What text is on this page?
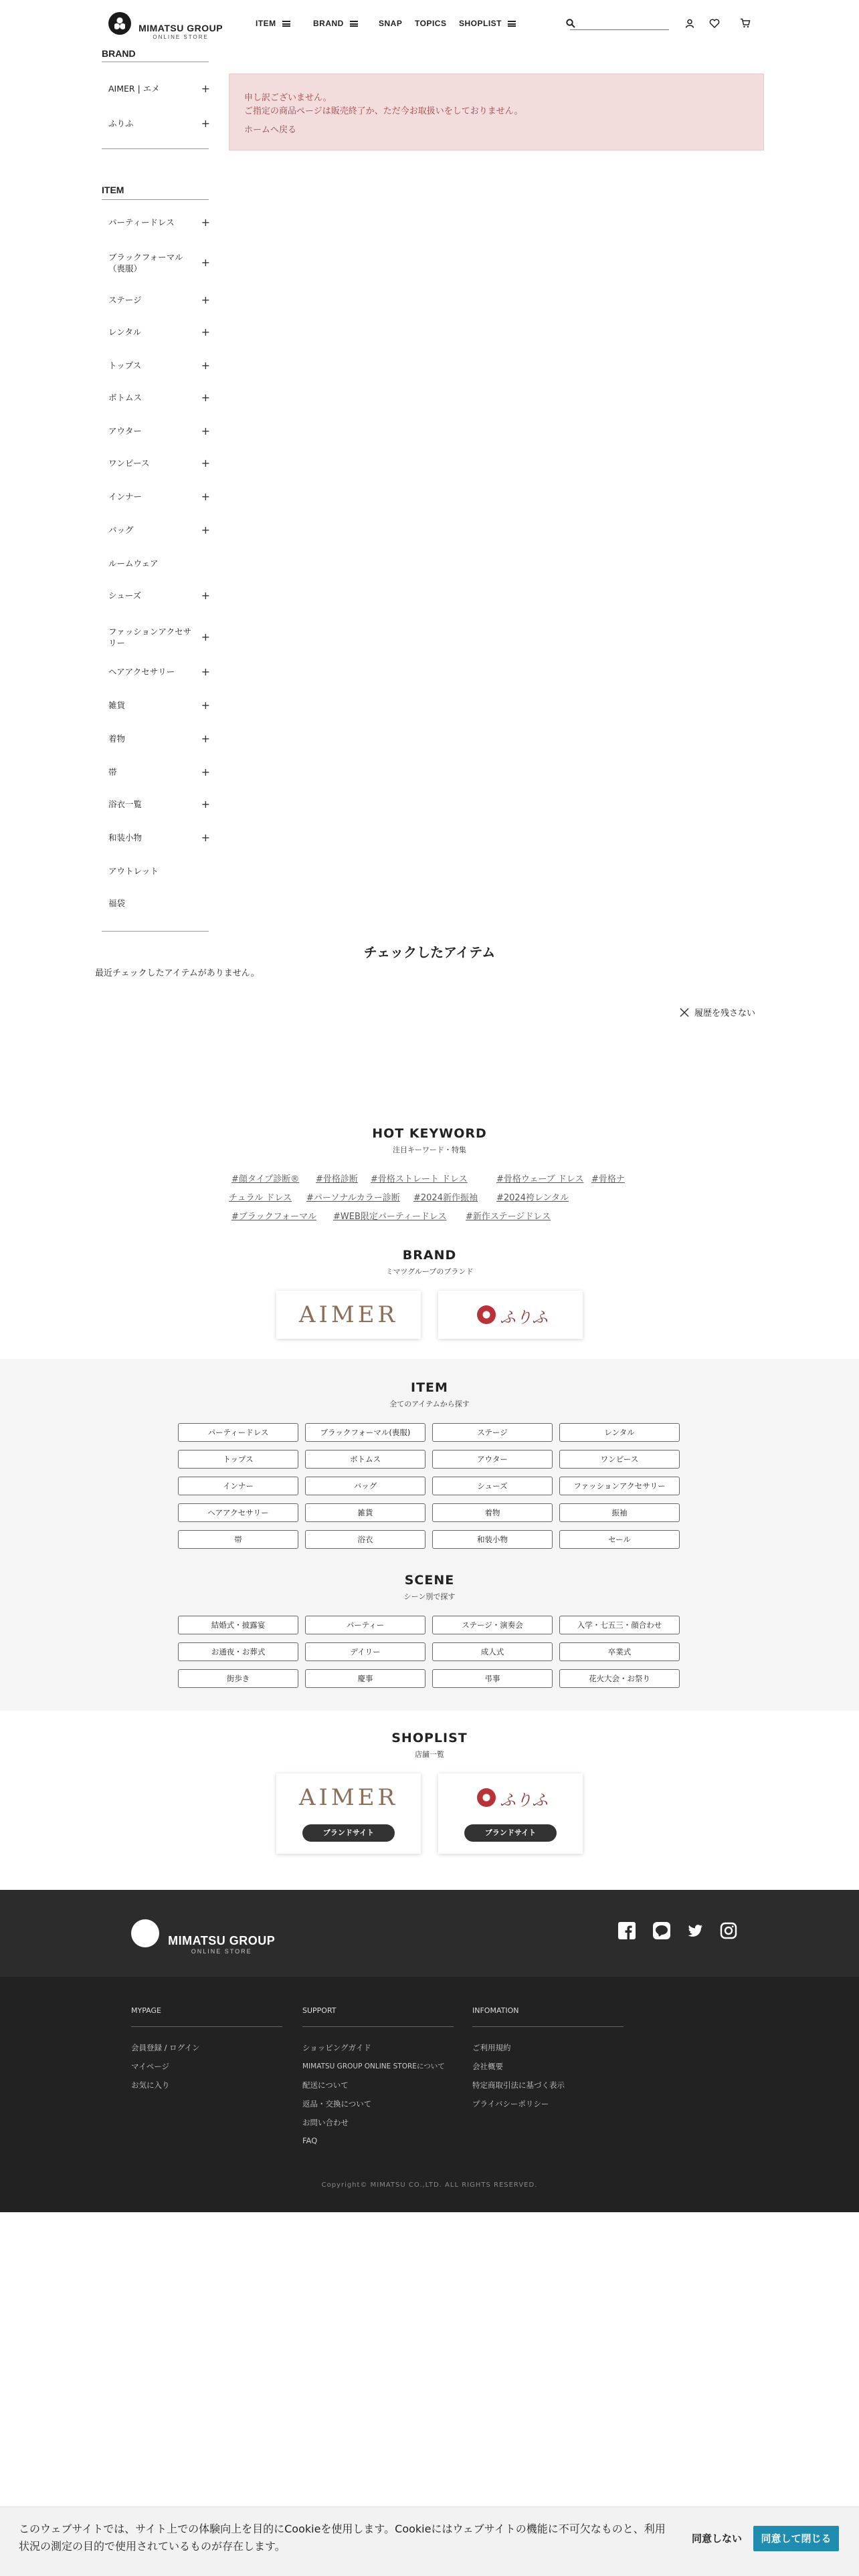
MIMATSU GROUP
ONLINE STORE
ITEM	BRAND	SNAP TOPICS SHOPLIST
BRAND
AIMER | エメ	+
ふりふ	+
ITEM
パーティードレス +
ブラックフォーマル（喪服）	+
ステージ	+
レンタル	+
トップス	+
ボトムス	+
アウター	+
ワンピース	+
インナー	+
バッグ	+
ルームウェア
シューズ	+
ファッションアクセサリー	+
ヘアアクセサリー +
雑貨	+
着物	+
帯	+
浴衣一覧	+
和装小物	+
アウトレット
福袋

申し訳ございません。

ご指定の商品ページは販売終了か、ただ今お取扱いをしておりません。

ホームへ戻る

チェックしたアイテム
最近チェックしたアイテムがありません。
履歴を残さない
HOT KEYWORD
注目キーワード・特集
#顔タイプ診断® #骨格診断 #骨格ストレート ドレス	#骨格ウェーブ ドレス #骨格ナ
チュラル ドレス #パーソナルカラー診断 #2024新作振袖 #2024袴レンタル
#ブラックフォーマル #WEB限定パーティードレス #新作ステージドレス
BRAND
ミマツグループのブランド
AIMER	ふりふ
ITEM
全てのアイテムから探す
パーティードレス	ブラックフォーマル(喪服)	ステージ	レンタル
トップス	ボトムス	アウター	ワンピース
インナー	バッグ	シューズ	ファッションアクセサリー
ヘアアクセサリー	雑貨	着物	振袖
帯	浴衣	和装小物	セール
SCENE
シーン別で探す
結婚式・披露宴	パーティー	ステージ・演奏会	入学・七五三・顔合わせ
お通夜・お葬式	デイリー	成人式	卒業式
街歩き	慶事	弔事	花火大会・お祭り
SHOPLIST
店舗一覧
AIMER
ブランドサイト
ふりふ
ブランドサイト

MIMATSU GROUP
ONLINE STORE
MYPAGE
会員登録 / ログイン
マイページ
お気に入り
SUPPORT
ショッピングガイド
MIMATSU GROUP ONLINE STOREについて
配送について
返品・交換について
お問い合わせ
FAQ
INFOMATION
ご利用規約
会社概要
特定商取引法に基づく表示
プライバシーポリシー
Copyright© MIMATSU CO.,LTD. ALL RIGHTS RESERVED.
このウェブサイトでは、サイト上での体験向上を目的にCookieを使用します。Cookieにはウェブサイトの機能に不可欠なものと、利用状況の測定の目的で使用されているものが存在します。
同意しない	同意して閉じる
